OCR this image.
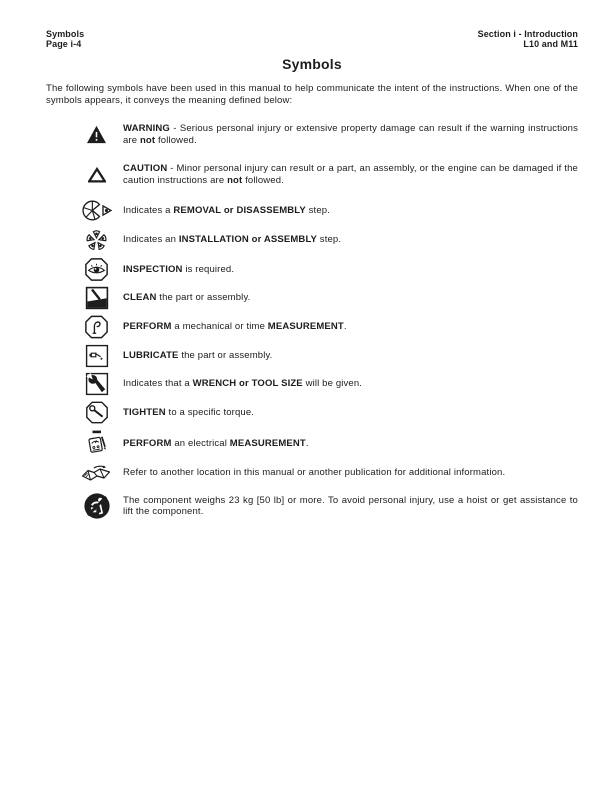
Symbols
Page i-4
Section i - Introduction
L10 and M11
Symbols

The following symbols have been used in this manual to help communicate the intent of the instructions. When one of the symbols appears, it conveys the meaning defined below:

WARNING - Serious personal injury or extensive property damage can result if the warning instructions are not followed.

CAUTION - Minor personal injury can result or a part, an assembly, or the engine can be damaged if the caution instructions are not followed.

Indicates a REMOVAL or DISASSEMBLY step.

Indicates an INSTALLATION or ASSEMBLY step.

INSPECTION is required.

CLEAN the part or assembly.

PERFORM a mechanical or time MEASUREMENT.

LUBRICATE the part or assembly.

Indicates that a WRENCH or TOOL SIZE will be given.

TIGHTEN to a specific torque.

PERFORM an electrical MEASUREMENT.

Refer to another location in this manual or another publication for additional information.

The component weighs 23 kg [50 lb] or more. To avoid personal injury, use a hoist or get assistance to lift the component.
